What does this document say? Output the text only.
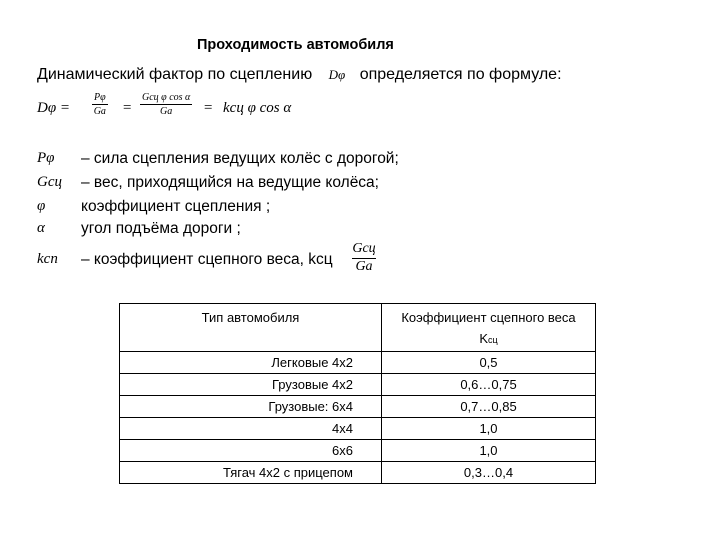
Проходимость автомобиля
Динамический фактор по сцеплению Dφ определяется по формуле:
$D\varphi = \frac{P\varphi}{Ga}$ =
Gсц φ cos α
Ga	= kсц φ cos α
Pφ – сила сцепления ведущих колёс с дорогой;
Gсц – вес, приходящийся на ведущие колёса;
φ коэффициент сцепления ;
α угол подъёма дороги ;
kсп – коэффициент сцепного веса, kсц
Gсц
Ga
Тип автомобиля	Коэффициент сцепного веса
Kсц

Легковые 4х2	0,5
Грузовые 4х2	0,6…0,75
Грузовые: 6х4	0,7…0,85
4х4	1,0
6х6	1,0
Тягач 4х2 с прицепом	0,3…0,4
